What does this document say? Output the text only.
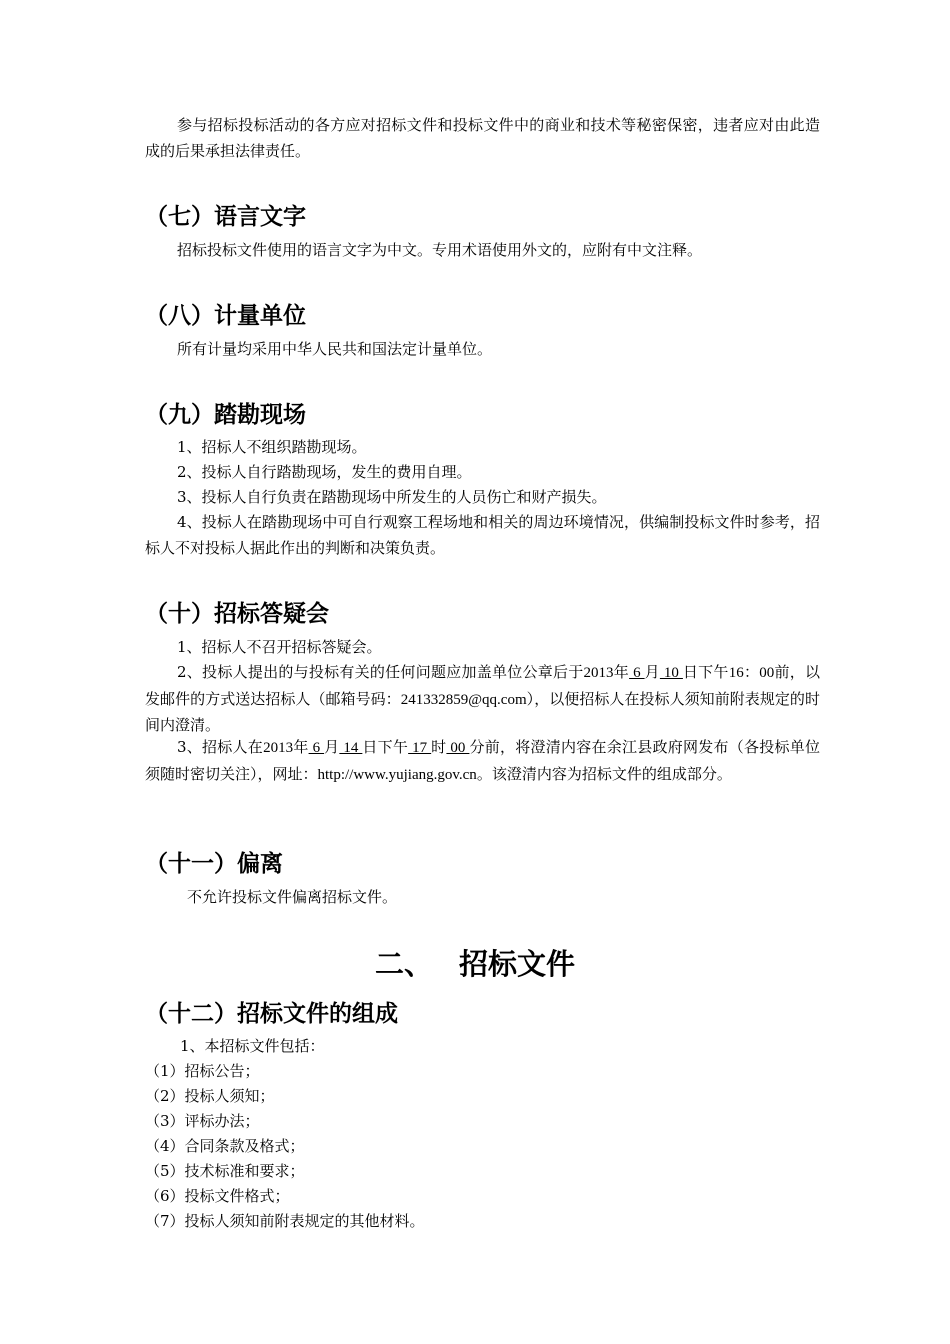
参与招标投标活动的各方应对招标文件和投标文件中的商业和技术等秘密保密，违者应对由此造成的后果承担法律责任。

（七）语言文字

招标投标文件使用的语言文字为中文。专用术语使用外文的，应附有中文注释。

（八）计量单位

所有计量均采用中华人民共和国法定计量单位。

（九）踏勘现场

1、招标人不组织踏勘现场。

2、投标人自行踏勘现场，发生的费用自理。

3、投标人自行负责在踏勘现场中所发生的人员伤亡和财产损失。

4、投标人在踏勘现场中可自行观察工程场地和相关的周边环境情况，供编制投标文件时参考，招标人不对投标人据此作出的判断和决策负责。

（十）招标答疑会

1、招标人不召开招标答疑会。

2、投标人提出的与投标有关的任何问题应加盖单位公章后于2013年 6 月 10 日下午16：00前，以发邮件的方式送达招标人（邮箱号码：241332859@qq.com），以便招标人在投标人须知前附表规定的时间内澄清。

3、招标人在2013年 6 月 14 日下午 17 时 00 分前，将澄清内容在余江县政府网发布（各投标单位须随时密切关注），网址：http://www.yujiang.gov.cn。该澄清内容为招标文件的组成部分。

（十一）偏离

不允许投标文件偏离招标文件。

二、 招标文件
（十二）招标文件的组成

1、本招标文件包括：

（1）招标公告；

（2）投标人须知；

（3）评标办法；

（4）合同条款及格式；

（5）技术标准和要求；

（6）投标文件格式；

（7）投标人须知前附表规定的其他材料。
